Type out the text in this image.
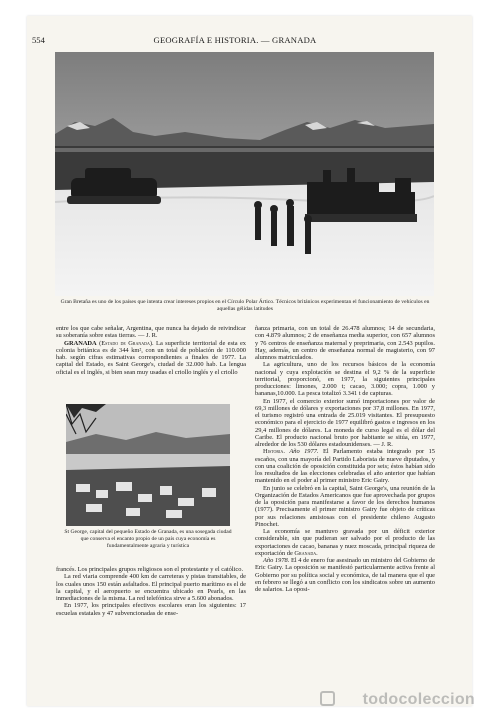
554	GEOGRAFÍA E HISTORIA. — GRANADA
Gran Bretaña es uno de los países que intenta crear intereses propios en el Círculo Polar Ártico. Técnicos británicos experimentan el funcionamiento de vehículos en aquellas gélidas latitudes

entre los que cabe señalar, Argentina, que nunca ha dejado de reivindicar su soberanía sobre estas tierras. — J. R.

GRANADA (Estado de Granada). La superficie territorial de esta ex colonia británica es de 344 km², con un total de población de 110.000 hab. según cifras estimativas correspondientes a finales de 1977. La capital del Estado, es Saint George's, ciudad de 32.000 hab. La lengua oficial es el inglés, si bien sean muy usadas el criollo inglés y el criollo

St George, capital del pequeño Estado de Granada, es una sosegada ciudad que conserva el encanto propio de un país cuya economía es fundamentalmente agraria y turística

francés. Los principales grupos religiosos son el protestante y el católico.

La red viaria comprende 400 km de carreteras y pistas transitables, de los cuales unos 150 están asfaltados. El principal puerto marítimo es el de la capital, y el aeropuerto se encuentra ubicado en Pearls, en las inmediaciones de la misma. La red telefónica sirve a 5.600 abonados.

En 1977, los principales efectivos escolares eran los siguientes: 17 escuelas estatales y 47 subvencionadas de ense-

ñanza primaria, con un total de 26.478 alumnos; 14 de secundaria, con 4.879 alumnos; 2 de enseñanza media superior, con 657 alumnos y 76 centros de enseñanza maternal y preprimaria, con 2.543 pupilos. Hay, además, un centro de enseñanza normal de magisterio, con 97 alumnos matriculados.

La agricultura, uno de los recursos básicos de la economía nacional y cuya explotación se destina el 9,2 % de la superficie territorial, proporcionó, en 1977, la siguientes principales producciones: limones, 2.000 t; cacao, 3.000; copra, 1.000 y bananas,10.000. La pesca totalizó 3.341 t de capturas.

En 1977, el comercio exterior sumó importaciones por valor de 69,3 millones de dólares y exportaciones por 37,8 millones. En 1977, el turismo registró una entrada de 25.019 visitantes. El presupuesto económico para el ejercicio de 1977 equilibró gastos e ingresos en los 29,4 millones de dólares. La moneda de curso legal es el dólar del Caribe. El producto nacional bruto por habitante se sitúa, en 1977, alrededor de los 530 dólares estadounidenses. — J. R.

Historia. Año 1977. El Parlamento estaba integrado por 15 escaños, con una mayoría del Partido Laborista de nueve diputados, y con una coalición de oposición constituida por seis; éstos habían sido los resultados de las elecciones celebradas el año anterior que habían mantenido en el poder al primer ministro Eric Gairy.

En junio se celebró en la capital, Saint George's, una reunión de la Organización de Estados Americanos que fue aprovechada por grupos de la oposición para manifestarse a favor de los derechos humanos (1977). Precisamente el primer ministro Gairy fue objeto de críticas por sus relaciones amistosas con el presidente chileno Augusto Pinochet.

La economía se mantuvo gravada por un déficit exterior considerable, sin que pudieran ser salvado por el producto de las exportaciones de cacao, bananas y nuez moscada, principal riqueza de exportación de Granada.

Año 1978. El 4 de enero fue asesinado un ministro del Gobierno de Eric Gairy. La oposición se manifestó particularmente activa frente al Gobierno por su política social y económica, de tal manera que el que en febrero se llegó a un conflicto con los sindicatos sobre un aumento de salarios. La oposi-

todocoleccion
